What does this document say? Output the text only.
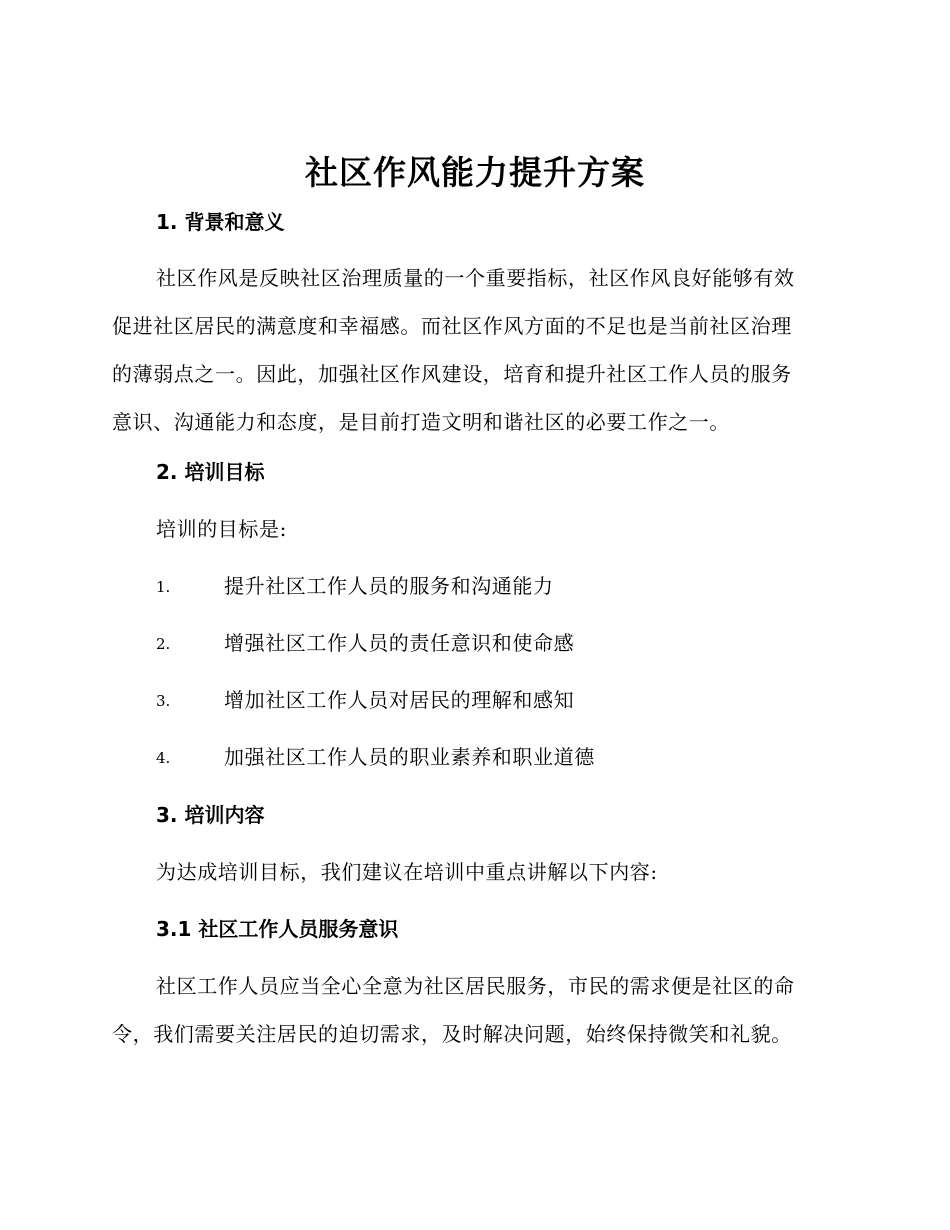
社区作风能力提升方案
1. 背景和意义

社区作风是反映社区治理质量的一个重要指标，社区作风良好能够有效
促进社区居民的满意度和幸福感。而社区作风方面的不足也是当前社区治理
的薄弱点之一。因此，加强社区作风建设，培育和提升社区工作人员的服务
意识、沟通能力和态度，是目前打造文明和谐社区的必要工作之一。

2. 培训目标

培训的目标是:

1.	提升社区工作人员的服务和沟通能力
2.	增强社区工作人员的责任意识和使命感
3.	增加社区工作人员对居民的理解和感知
4.	加强社区工作人员的职业素养和职业道德
3. 培训内容

为达成培训目标，我们建议在培训中重点讲解以下内容:

3.1 社区工作人员服务意识

社区工作人员应当全心全意为社区居民服务，市民的需求便是社区的命
令，我们需要关注居民的迫切需求，及时解决问题，始终保持微笑和礼貌。
